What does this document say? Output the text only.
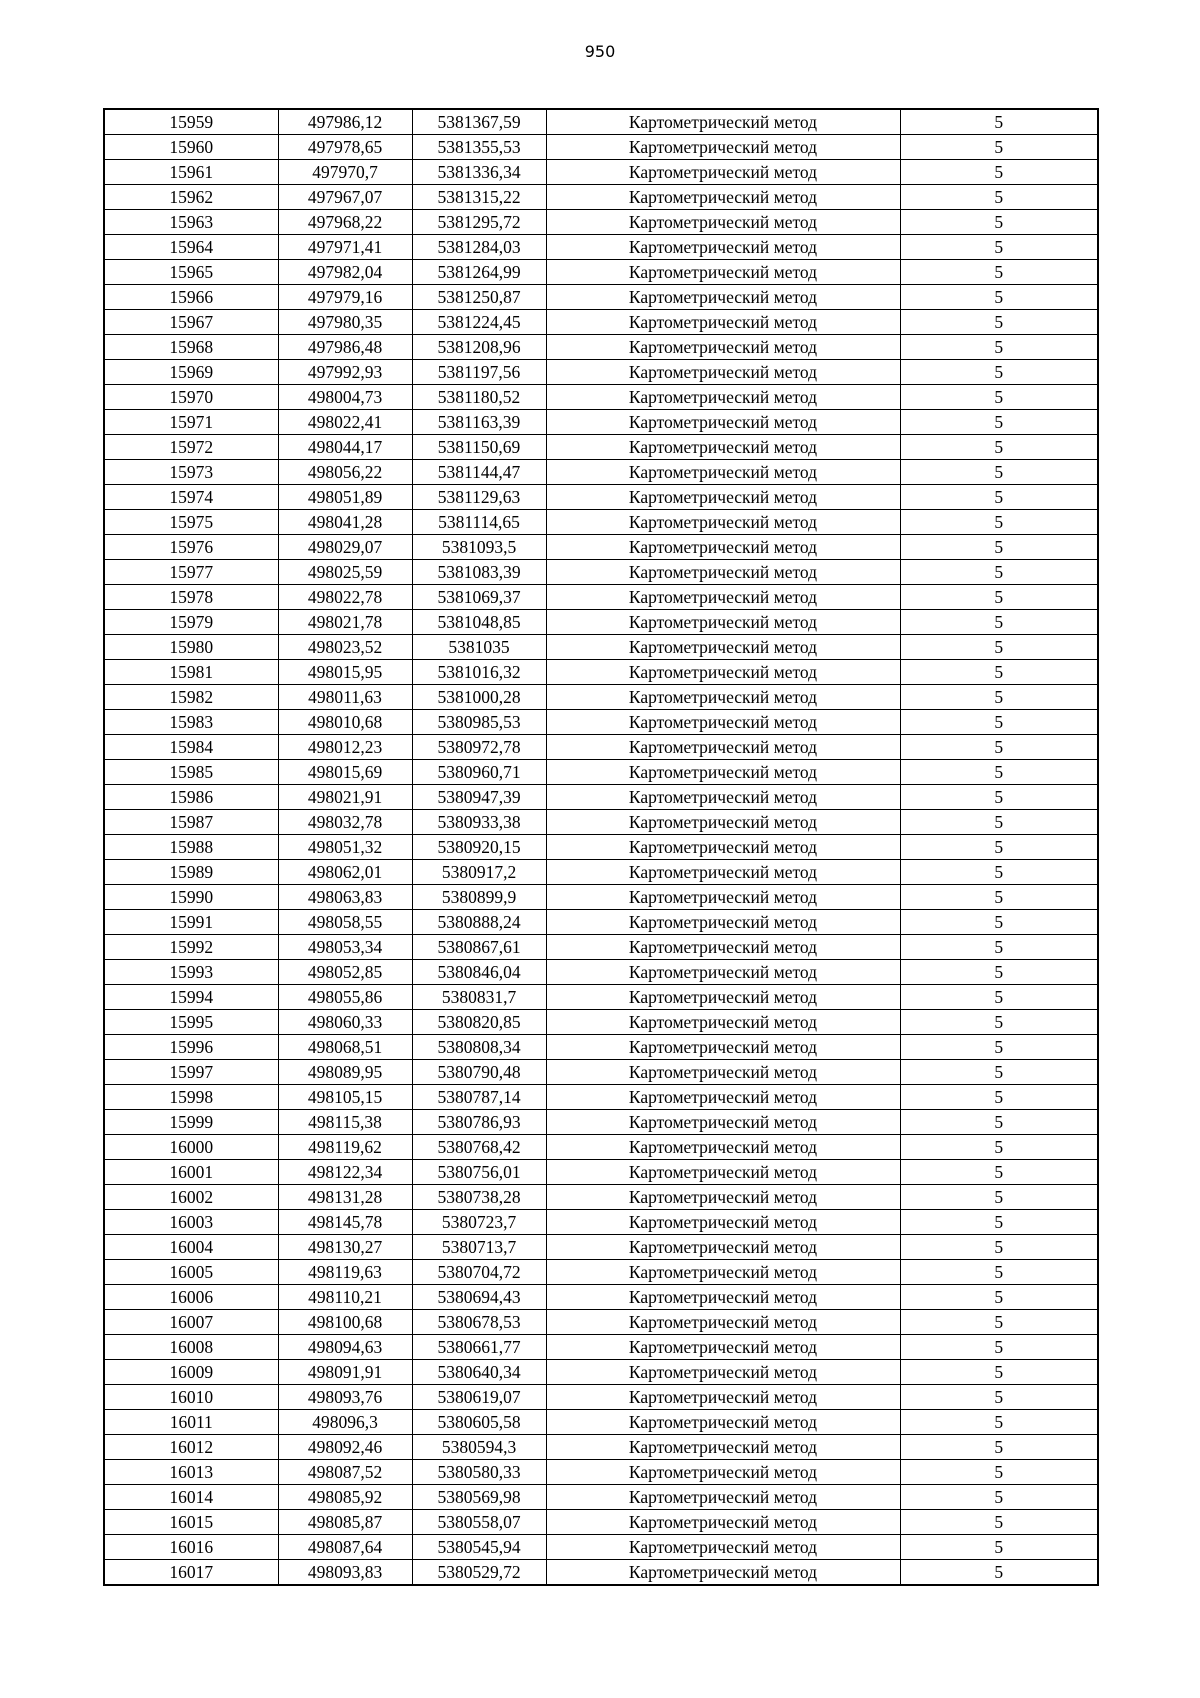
950
15959	497986,12	5381367,59	Картометрический метод	5
15960	497978,65	5381355,53	Картометрический метод	5
15961	497970,7	5381336,34	Картометрический метод	5
15962	497967,07	5381315,22	Картометрический метод	5
15963	497968,22	5381295,72	Картометрический метод	5
15964	497971,41	5381284,03	Картометрический метод	5
15965	497982,04	5381264,99	Картометрический метод	5
15966	497979,16	5381250,87	Картометрический метод	5
15967	497980,35	5381224,45	Картометрический метод	5
15968	497986,48	5381208,96	Картометрический метод	5
15969	497992,93	5381197,56	Картометрический метод	5
15970	498004,73	5381180,52	Картометрический метод	5
15971	498022,41	5381163,39	Картометрический метод	5
15972	498044,17	5381150,69	Картометрический метод	5
15973	498056,22	5381144,47	Картометрический метод	5
15974	498051,89	5381129,63	Картометрический метод	5
15975	498041,28	5381114,65	Картометрический метод	5
15976	498029,07	5381093,5	Картометрический метод	5
15977	498025,59	5381083,39	Картометрический метод	5
15978	498022,78	5381069,37	Картометрический метод	5
15979	498021,78	5381048,85	Картометрический метод	5
15980	498023,52	5381035	Картометрический метод	5
15981	498015,95	5381016,32	Картометрический метод	5
15982	498011,63	5381000,28	Картометрический метод	5
15983	498010,68	5380985,53	Картометрический метод	5
15984	498012,23	5380972,78	Картометрический метод	5
15985	498015,69	5380960,71	Картометрический метод	5
15986	498021,91	5380947,39	Картометрический метод	5
15987	498032,78	5380933,38	Картометрический метод	5
15988	498051,32	5380920,15	Картометрический метод	5
15989	498062,01	5380917,2	Картометрический метод	5
15990	498063,83	5380899,9	Картометрический метод	5
15991	498058,55	5380888,24	Картометрический метод	5
15992	498053,34	5380867,61	Картометрический метод	5
15993	498052,85	5380846,04	Картометрический метод	5
15994	498055,86	5380831,7	Картометрический метод	5
15995	498060,33	5380820,85	Картометрический метод	5
15996	498068,51	5380808,34	Картометрический метод	5
15997	498089,95	5380790,48	Картометрический метод	5
15998	498105,15	5380787,14	Картометрический метод	5
15999	498115,38	5380786,93	Картометрический метод	5
16000	498119,62	5380768,42	Картометрический метод	5
16001	498122,34	5380756,01	Картометрический метод	5
16002	498131,28	5380738,28	Картометрический метод	5
16003	498145,78	5380723,7	Картометрический метод	5
16004	498130,27	5380713,7	Картометрический метод	5
16005	498119,63	5380704,72	Картометрический метод	5
16006	498110,21	5380694,43	Картометрический метод	5
16007	498100,68	5380678,53	Картометрический метод	5
16008	498094,63	5380661,77	Картометрический метод	5
16009	498091,91	5380640,34	Картометрический метод	5
16010	498093,76	5380619,07	Картометрический метод	5
16011	498096,3	5380605,58	Картометрический метод	5
16012	498092,46	5380594,3	Картометрический метод	5
16013	498087,52	5380580,33	Картометрический метод	5
16014	498085,92	5380569,98	Картометрический метод	5
16015	498085,87	5380558,07	Картометрический метод	5
16016	498087,64	5380545,94	Картометрический метод	5
16017	498093,83	5380529,72	Картометрический метод	5
